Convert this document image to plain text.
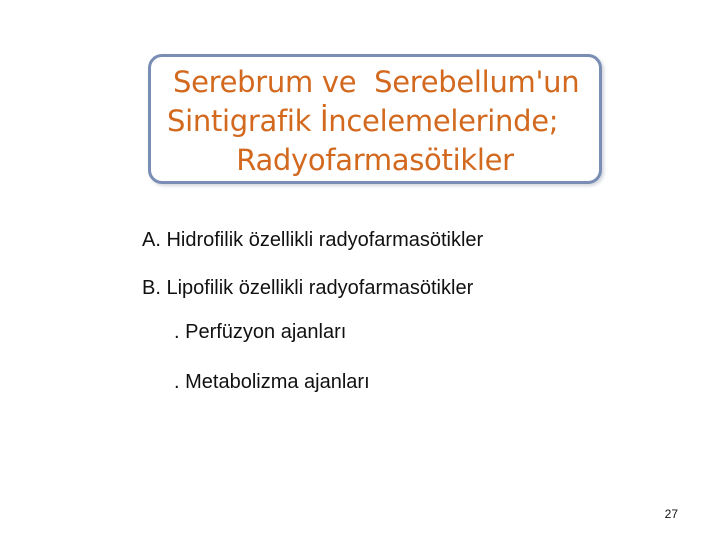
Serebrum ve  Serebellum'un

Sintigrafik İncelemelerinde;

Radyofarmasötikler

A. Hidrofilik özellikli radyofarmasötikler

B. Lipofilik özellikli radyofarmasötikler

. Perfüzyon ajanları

. Metabolizma ajanları

27
